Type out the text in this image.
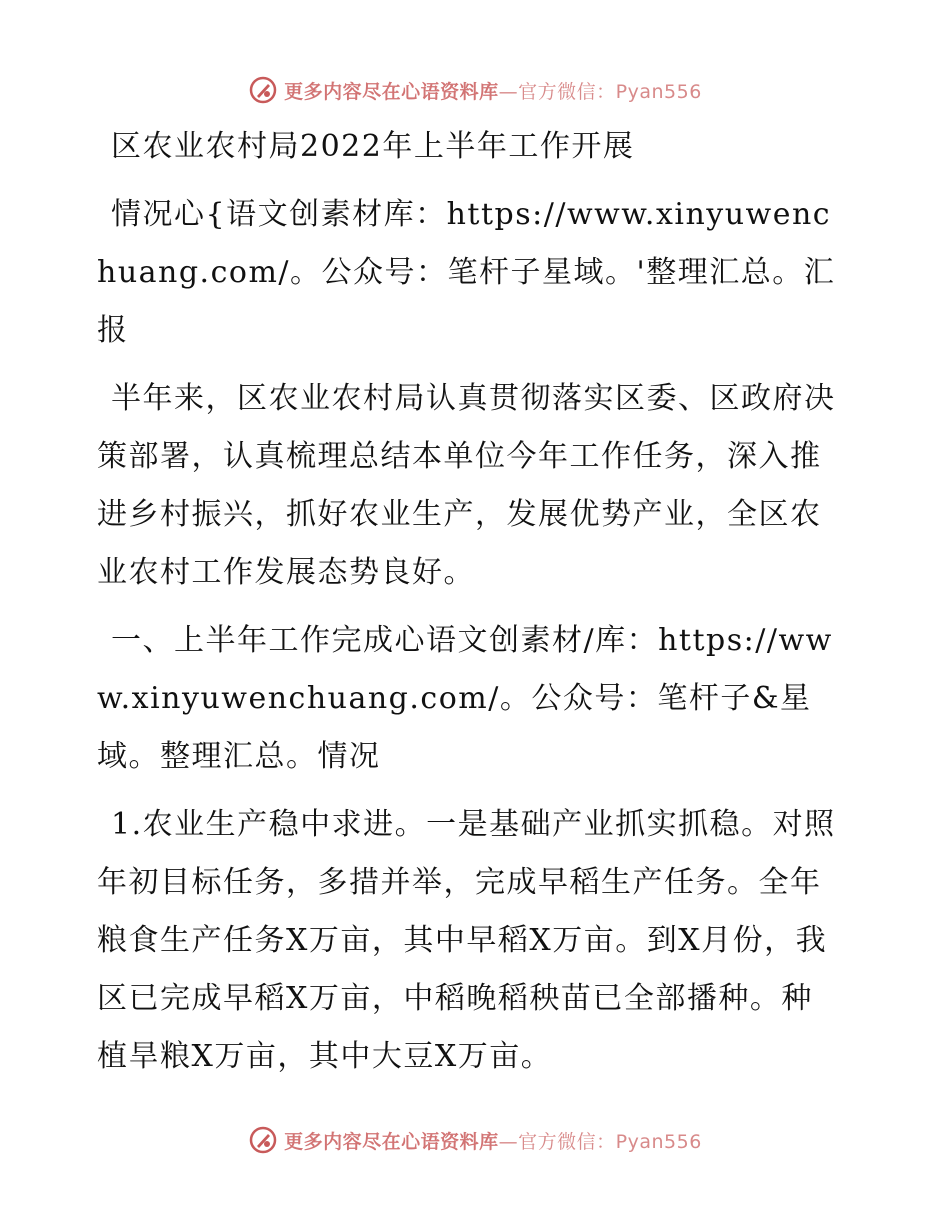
更多内容尽在心语资料库—官方微信：Pyan556

区农业农村局2022年上半年工作开展

情况心{语文创素材库：https://www.xinyuwenchuang.com/。公众号：笔杆子星域。'整理汇总。汇报

半年来，区农业农村局认真贯彻落实区委、区政府决策部署，认真梳理总结本单位今年工作任务，深入推进乡村振兴，抓好农业生产，发展优势产业，全区农业农村工作发展态势良好。

一、上半年工作完成心语文创素材/库：https://www.xinyuwenchuang.com/。公众号：笔杆子&星域。整理汇总。情况

1.农业生产稳中求进。一是基础产业抓实抓稳。对照年初目标任务，多措并举，完成早稻生产任务。全年粮食生产任务X万亩，其中早稻X万亩。到X月份，我区已完成早稻X万亩，中稻晚稻秧苗已全部播种。种植旱粮X万亩，其中大豆X万亩。

更多内容尽在心语资料库—官方微信：Pyan556
